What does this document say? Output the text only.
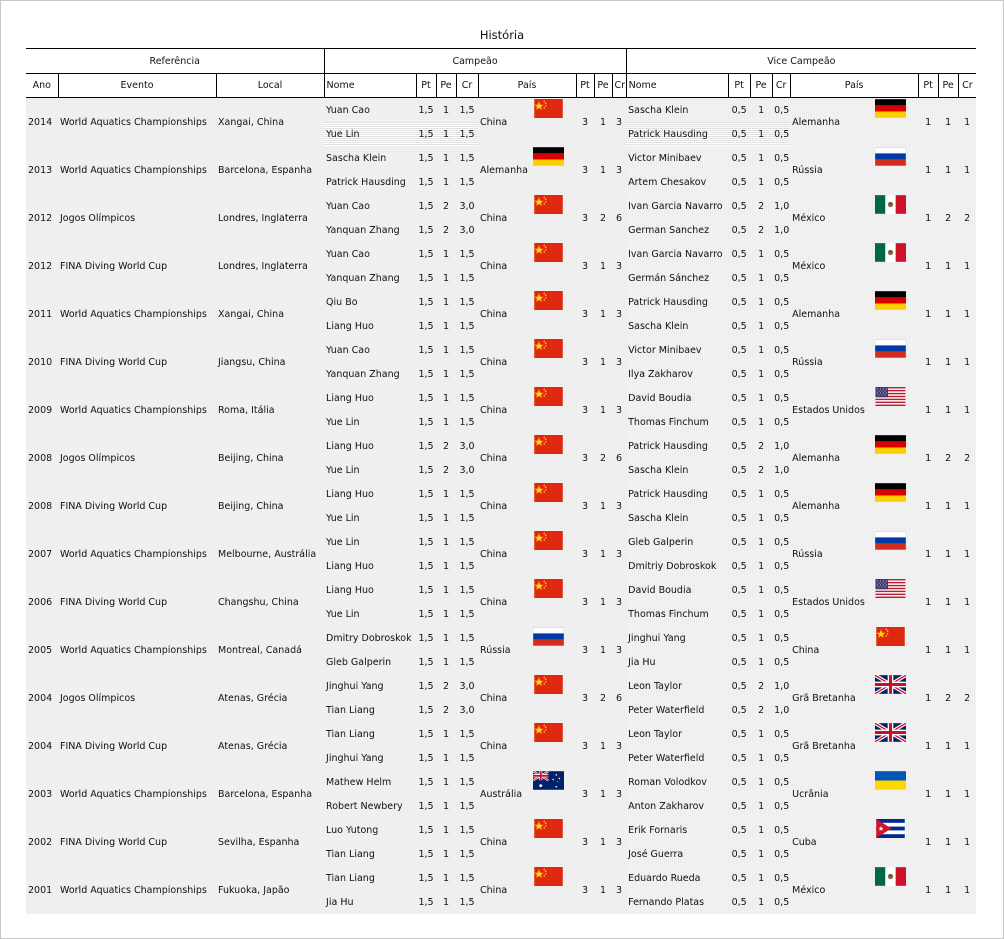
História
Referência			Campeão								Vice Campeão							
Ano	Evento	Local	Nome	Pt	Pe	Cr	País	Pt	Pe	Cr	Nome	Pt	Pe	Cr	País	Pt	Pe	Cr
2014	World Aquatics Championships	Xangai, China	Yuan Cao	1,5	1	1,5	China	3	1	3	Sascha Klein	0,5	1	0,5	Alemanha	1	1	1
			Yue Lin	1,5	1	1,5					Patrick Hausding	0,5	1	0,5				
2013	World Aquatics Championships	Barcelona, Espanha	Sascha Klein	1,5	1	1,5	Alemanha	3	1	3	Victor Minibaev	0,5	1	0,5	Rússia	1	1	1
			Patrick Hausding	1,5	1	1,5					Artem Chesakov	0,5	1	0,5				
2012	Jogos Olímpicos	Londres, Inglaterra	Yuan Cao	1,5	2	3,0	China	3	2	6	Ivan Garcia Navarro	0,5	2	1,0	México	1	2	2
			Yanquan Zhang	1,5	2	3,0					German Sanchez	0,5	2	1,0				
2012	FINA Diving World Cup	Londres, Inglaterra	Yuan Cao	1,5	1	1,5	China	3	1	3	Ivan Garcia Navarro	0,5	1	0,5	México	1	1	1
			Yanquan Zhang	1,5	1	1,5					Germán Sánchez	0,5	1	0,5				
2011	World Aquatics Championships	Xangai, China	Qiu Bo	1,5	1	1,5	China	3	1	3	Patrick Hausding	0,5	1	0,5	Alemanha	1	1	1
			Liang Huo	1,5	1	1,5					Sascha Klein	0,5	1	0,5				
2010	FINA Diving World Cup	Jiangsu, China	Yuan Cao	1,5	1	1,5	China	3	1	3	Victor Minibaev	0,5	1	0,5	Rússia	1	1	1
			Yanquan Zhang	1,5	1	1,5					Ilya Zakharov	0,5	1	0,5				
2009	World Aquatics Championships	Roma, Itália	Liang Huo	1,5	1	1,5	China	3	1	3	David Boudia	0,5	1	0,5	Estados Unidos	1	1	1
			Yue Lin	1,5	1	1,5					Thomas Finchum	0,5	1	0,5				
2008	Jogos Olímpicos	Beijing, China	Liang Huo	1,5	2	3,0	China	3	2	6	Patrick Hausding	0,5	2	1,0	Alemanha	1	2	2
			Yue Lin	1,5	2	3,0					Sascha Klein	0,5	2	1,0				
2008	FINA Diving World Cup	Beijing, China	Liang Huo	1,5	1	1,5	China	3	1	3	Patrick Hausding	0,5	1	0,5	Alemanha	1	1	1
			Yue Lin	1,5	1	1,5					Sascha Klein	0,5	1	0,5				
2007	World Aquatics Championships	Melbourne, Austrália	Yue Lin	1,5	1	1,5	China	3	1	3	Gleb Galperin	0,5	1	0,5	Rússia	1	1	1
			Liang Huo	1,5	1	1,5					Dmitriy Dobroskok	0,5	1	0,5				
2006	FINA Diving World Cup	Changshu, China	Liang Huo	1,5	1	1,5	China	3	1	3	David Boudia	0,5	1	0,5	Estados Unidos	1	1	1
			Yue Lin	1,5	1	1,5					Thomas Finchum	0,5	1	0,5				
2005	World Aquatics Championships	Montreal, Canadá	Dmitry Dobroskok	1,5	1	1,5	Rússia	3	1	3	Jinghui Yang	0,5	1	0,5	China	1	1	1
			Gleb Galperin	1,5	1	1,5					Jia Hu	0,5	1	0,5				
2004	Jogos Olímpicos	Atenas, Grécia	Jinghui Yang	1,5	2	3,0	China	3	2	6	Leon Taylor	0,5	2	1,0	Grã Bretanha	1	2	2
			Tian Liang	1,5	2	3,0					Peter Waterfield	0,5	2	1,0				
2004	FINA Diving World Cup	Atenas, Grécia	Tian Liang	1,5	1	1,5	China	3	1	3	Leon Taylor	0,5	1	0,5	Grã Bretanha	1	1	1
			Jinghui Yang	1,5	1	1,5					Peter Waterfield	0,5	1	0,5				
2003	World Aquatics Championships	Barcelona, Espanha	Mathew Helm	1,5	1	1,5	Austrália	3	1	3	Roman Volodkov	0,5	1	0,5	Ucrânia	1	1	1
			Robert Newbery	1,5	1	1,5					Anton Zakharov	0,5	1	0,5				
2002	FINA Diving World Cup	Sevilha, Espanha	Luo Yutong	1,5	1	1,5	China	3	1	3	Erik Fornaris	0,5	1	0,5	Cuba	1	1	1
			Tian Liang	1,5	1	1,5					José Guerra	0,5	1	0,5				
2001	World Aquatics Championships	Fukuoka, Japão	Tian Liang	1,5	1	1,5	China	3	1	3	Eduardo Rueda	0,5	1	0,5	México	1	1	1
			Jia Hu	1,5	1	1,5					Fernando Platas	0,5	1	0,5				
